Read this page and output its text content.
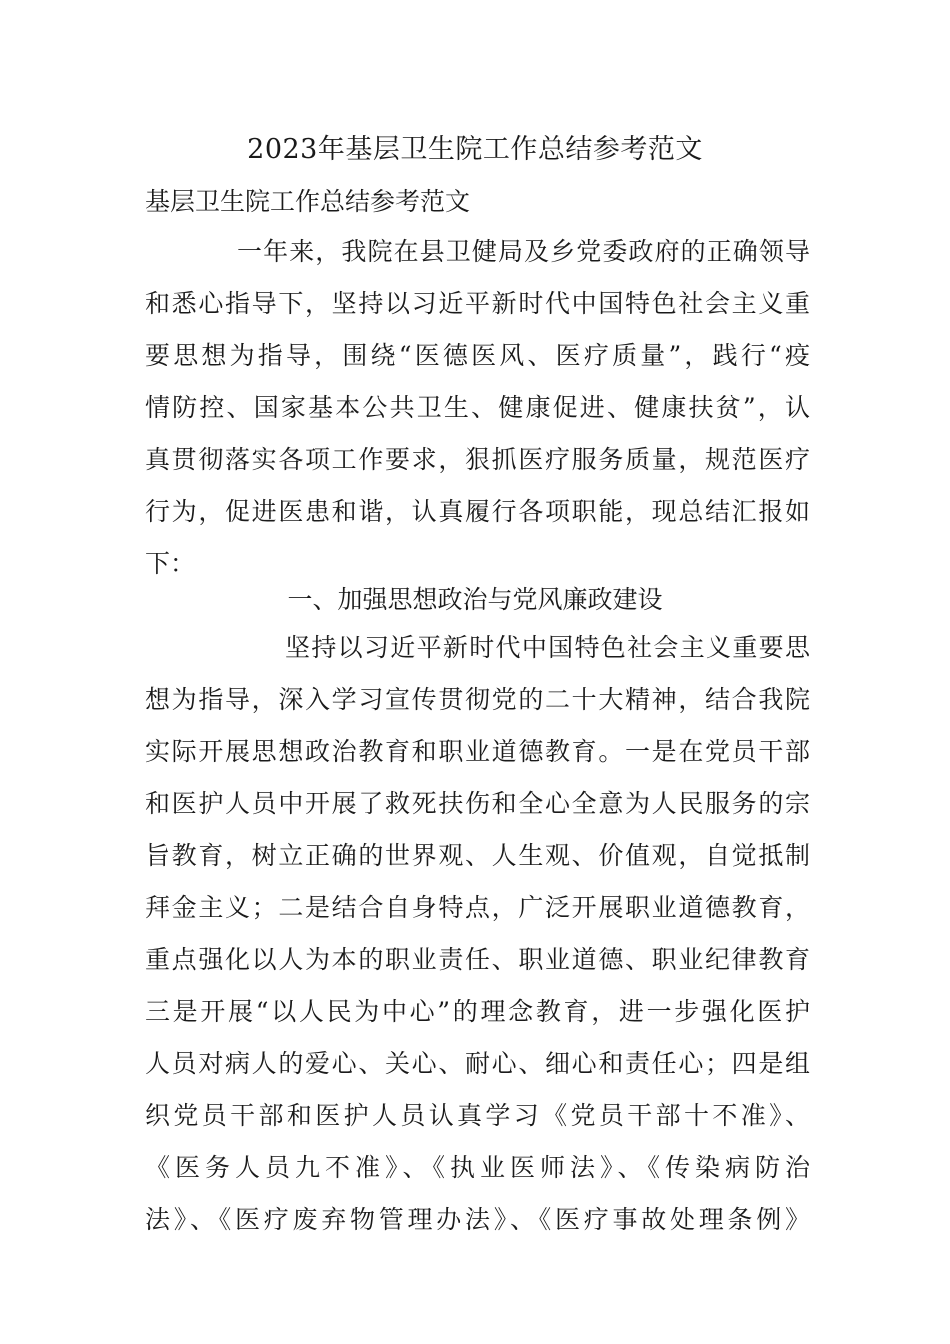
2023年基层卫生院工作总结参考范文
基层卫生院工作总结参考范文
一年来，我院在县卫健局及乡党委政府的正确领导
和悉心指导下，坚持以习近平新时代中国特色社会主义重
要思想为指导，围绕“医德医风、医疗质量”，践行“疫
情防控、国家基本公共卫生、健康促进、健康扶贫”，认
真贯彻落实各项工作要求，狠抓医疗服务质量，规范医疗
行为，促进医患和谐，认真履行各项职能，现总结汇报如
下：
一、加强思想政治与党风廉政建设
坚持以习近平新时代中国特色社会主义重要思
想为指导，深入学习宣传贯彻党的二十大精神，结合我院
实际开展思想政治教育和职业道德教育。一是在党员干部
和医护人员中开展了救死扶伤和全心全意为人民服务的宗
旨教育，树立正确的世界观、人生观、价值观，自觉抵制
拜金主义；二是结合自身特点，广泛开展职业道德教育，
重点强化以人为本的职业责任、职业道德、职业纪律教育
三是开展“以人民为中心”的理念教育，进一步强化医护
人员对病人的爱心、关心、耐心、细心和责任心；四是组
织党员干部和医护人员认真学习《党员干部十不准》、
《医务人员九不准》、《执业医师法》、《传染病防治
法》、《医疗废弃物管理办法》、《医疗事故处理条例》
